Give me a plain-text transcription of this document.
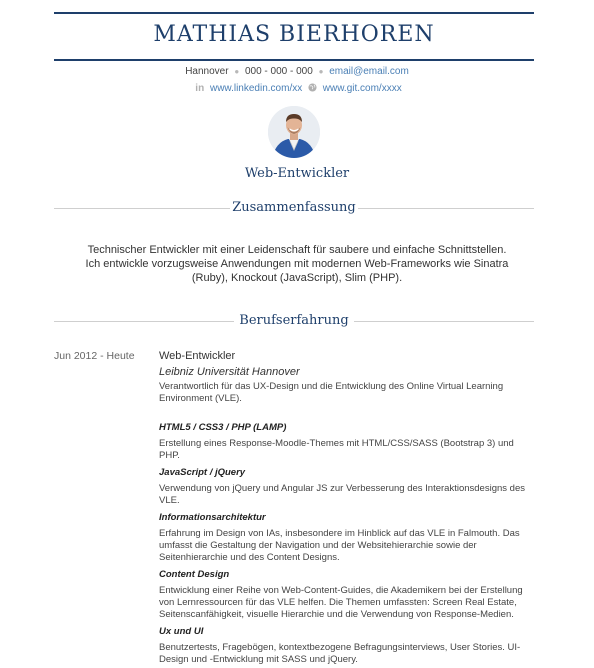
MATHIAS BIERHOREN
Hannover ● 000 - 000 - 000 ● email@email.com
in www.linkedin.com/xx www.git.com/xxxx
Web-Entwickler
Zusammenfassung
Technischer Entwickler mit einer Leidenschaft für saubere und einfache Schnittstellen. Ich entwickle vorzugsweise Anwendungen mit modernen Web-Frameworks wie Sinatra (Ruby), Knockout (JavaScript), Slim (PHP).
Berufserfahrung
Jun 2012 - Heute Web-Entwickler
Leibniz Universität Hannover
Verantwortlich für das UX-Design und die Entwicklung des Online Virtual Learning Environment (VLE).
HTML5 / CSS3 / PHP (LAMP)
Erstellung eines Response-Moodle-Themes mit HTML/CSS/SASS (Bootstrap 3) und PHP.
JavaScript / jQuery
Verwendung von jQuery und Angular JS zur Verbesserung des Interaktionsdesigns des VLE.
Informationsarchitektur
Erfahrung im Design von IAs, insbesondere im Hinblick auf das VLE in Falmouth. Das umfasst die Gestaltung der Navigation und der Websitehierarchie sowie der Seitenhierarchie und des Content Designs.
Content Design
Entwicklung einer Reihe von Web-Content-Guides, die Akademikern bei der Erstellung von Lernressourcen für das VLE helfen. Die Themen umfassten: Screen Real Estate, Seitenscanfähigkeit, visuelle Hierarchie und die Verwendung von Response-Medien.
Ux und UI
Benutzertests, Fragebögen, kontextbezogene Befragungsinterviews, User Stories. UI-Design und -Entwicklung mit SASS und jQuery.
